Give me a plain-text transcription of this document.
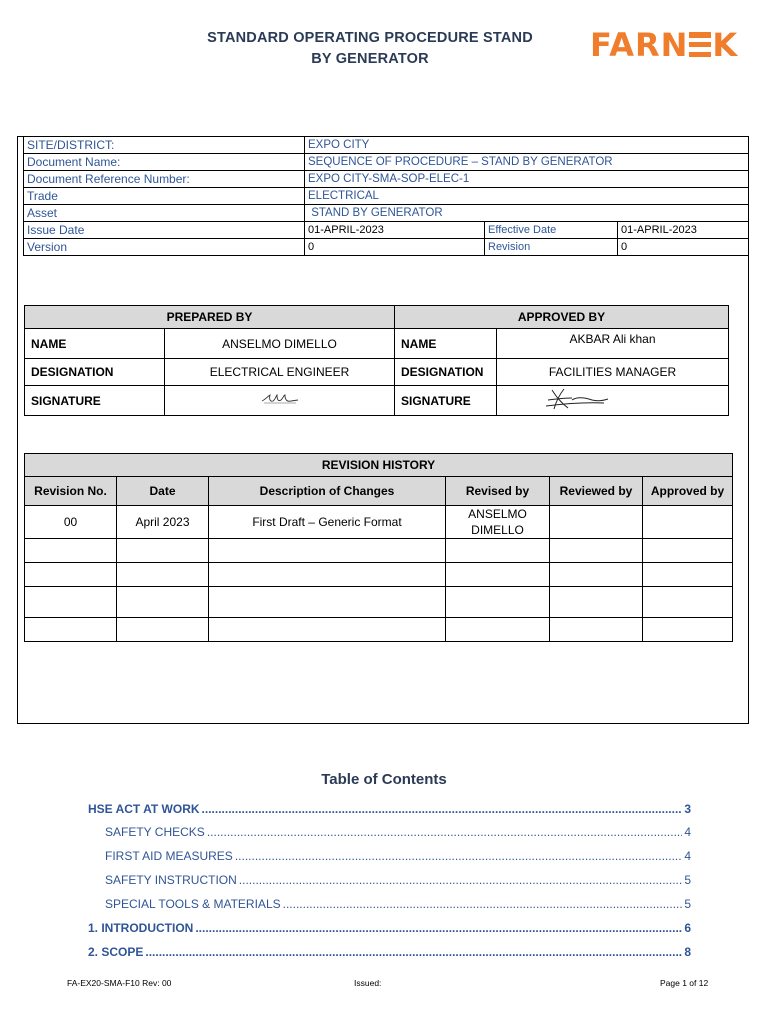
STANDARD OPERATING PROCEDURE STAND
BY GENERATOR	FARN K
SITE/DISTRICT:	EXPO CITY		
Document Name:	SEQUENCE OF PROCEDURE – STAND BY GENERATOR		
Document Reference Number:	EXPO CITY-SMA-SOP-ELEC-1		
Trade	ELECTRICAL		
Asset	STAND BY GENERATOR		
Issue Date	01-APRIL-2023	Effective Date	01-APRIL-2023
Version	0	Revision	0
PREPARED BY		APPROVED BY	
NAME	ANSELMO DIMELLO	NAME	AKBAR Ali khan
DESIGNATION	ELECTRICAL ENGINEER	DESIGNATION	FACILITIES MANAGER
SIGNATURE		SIGNATURE	
REVISION HISTORY					
Revision No.	Date	Description of Changes	Revised by	Reviewed by	Approved by
00	April 2023	First Draft – Generic Format	ANSELMO DIMELLO		

Table of Contents
HSE ACT AT WORK .....	3
SAFETY CHECKS .....	4
FIRST AID MEASURES .....	4
SAFETY INSTRUCTION .....	5
SPECIAL TOOLS & MATERIALS .....	5
1. INTRODUCTION .....	6
2. SCOPE .....	8
FA-EX20-SMA-F10 Rev: 00	Issued:	Page 1 of 12
